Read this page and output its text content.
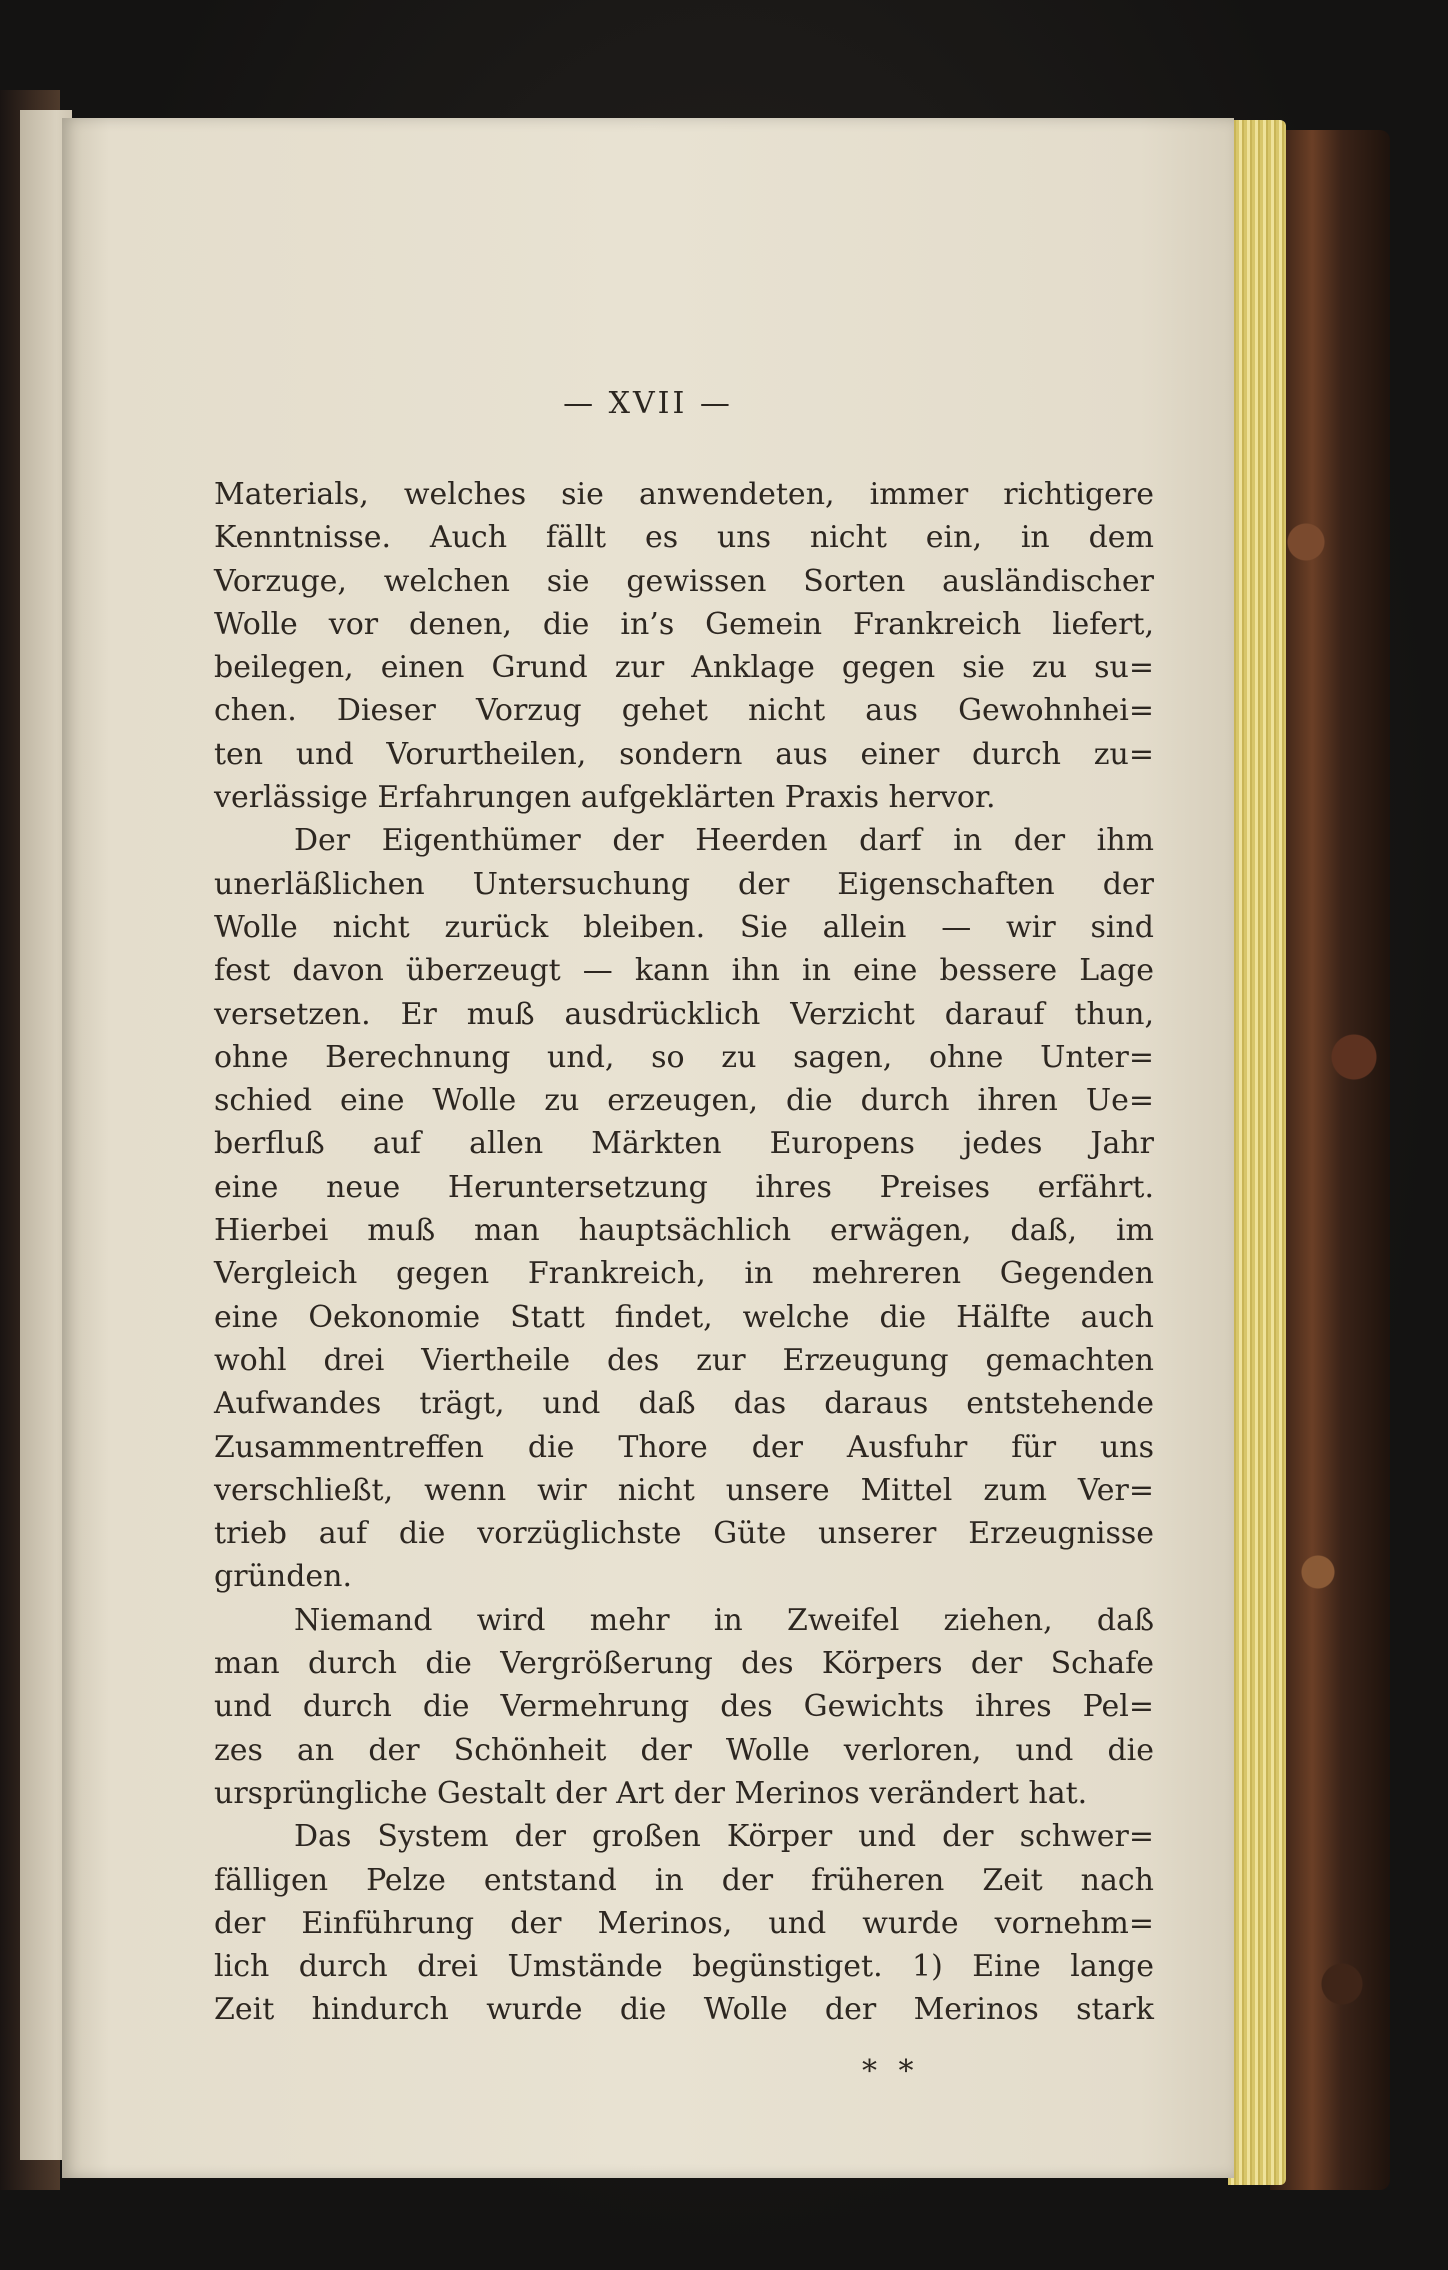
— XVII —
Materials, welches sie anwendeten, immer richtigere
Kenntnisse. Auch fällt es uns nicht ein, in dem
Vorzuge, welchen sie gewissen Sorten ausländischer
Wolle vor denen, die in’s Gemein Frankreich liefert,
beilegen, einen Grund zur Anklage gegen sie zu su=
chen. Dieser Vorzug gehet nicht aus Gewohnhei=
ten und Vorurtheilen, sondern aus einer durch zu=
verlässige Erfahrungen aufgeklärten Praxis hervor.
Der Eigenthümer der Heerden darf in der ihm
unerläßlichen Untersuchung der Eigenschaften der
Wolle nicht zurück bleiben. Sie allein — wir sind
fest davon überzeugt — kann ihn in eine bessere Lage
versetzen. Er muß ausdrücklich Verzicht darauf thun,
ohne Berechnung und, so zu sagen, ohne Unter=
schied eine Wolle zu erzeugen, die durch ihren Ue=
berfluß auf allen Märkten Europens jedes Jahr
eine neue Heruntersetzung ihres Preises erfährt.
Hierbei muß man hauptsächlich erwägen, daß, im
Vergleich gegen Frankreich, in mehreren Gegenden
eine Oekonomie Statt findet, welche die Hälfte auch
wohl drei Viertheile des zur Erzeugung gemachten
Aufwandes trägt, und daß das daraus entstehende
Zusammentreffen die Thore der Ausfuhr für uns
verschließt, wenn wir nicht unsere Mittel zum Ver=
trieb auf die vorzüglichste Güte unserer Erzeugnisse
gründen.
Niemand wird mehr in Zweifel ziehen, daß
man durch die Vergrößerung des Körpers der Schafe
und durch die Vermehrung des Gewichts ihres Pel=
zes an der Schönheit der Wolle verloren, und die
ursprüngliche Gestalt der Art der Merinos verändert hat.
Das System der großen Körper und der schwer=
fälligen Pelze entstand in der früheren Zeit nach
der Einführung der Merinos, und wurde vornehm=
lich durch drei Umstände begünstiget. 1) Eine lange
Zeit hindurch wurde die Wolle der Merinos stark
* *
